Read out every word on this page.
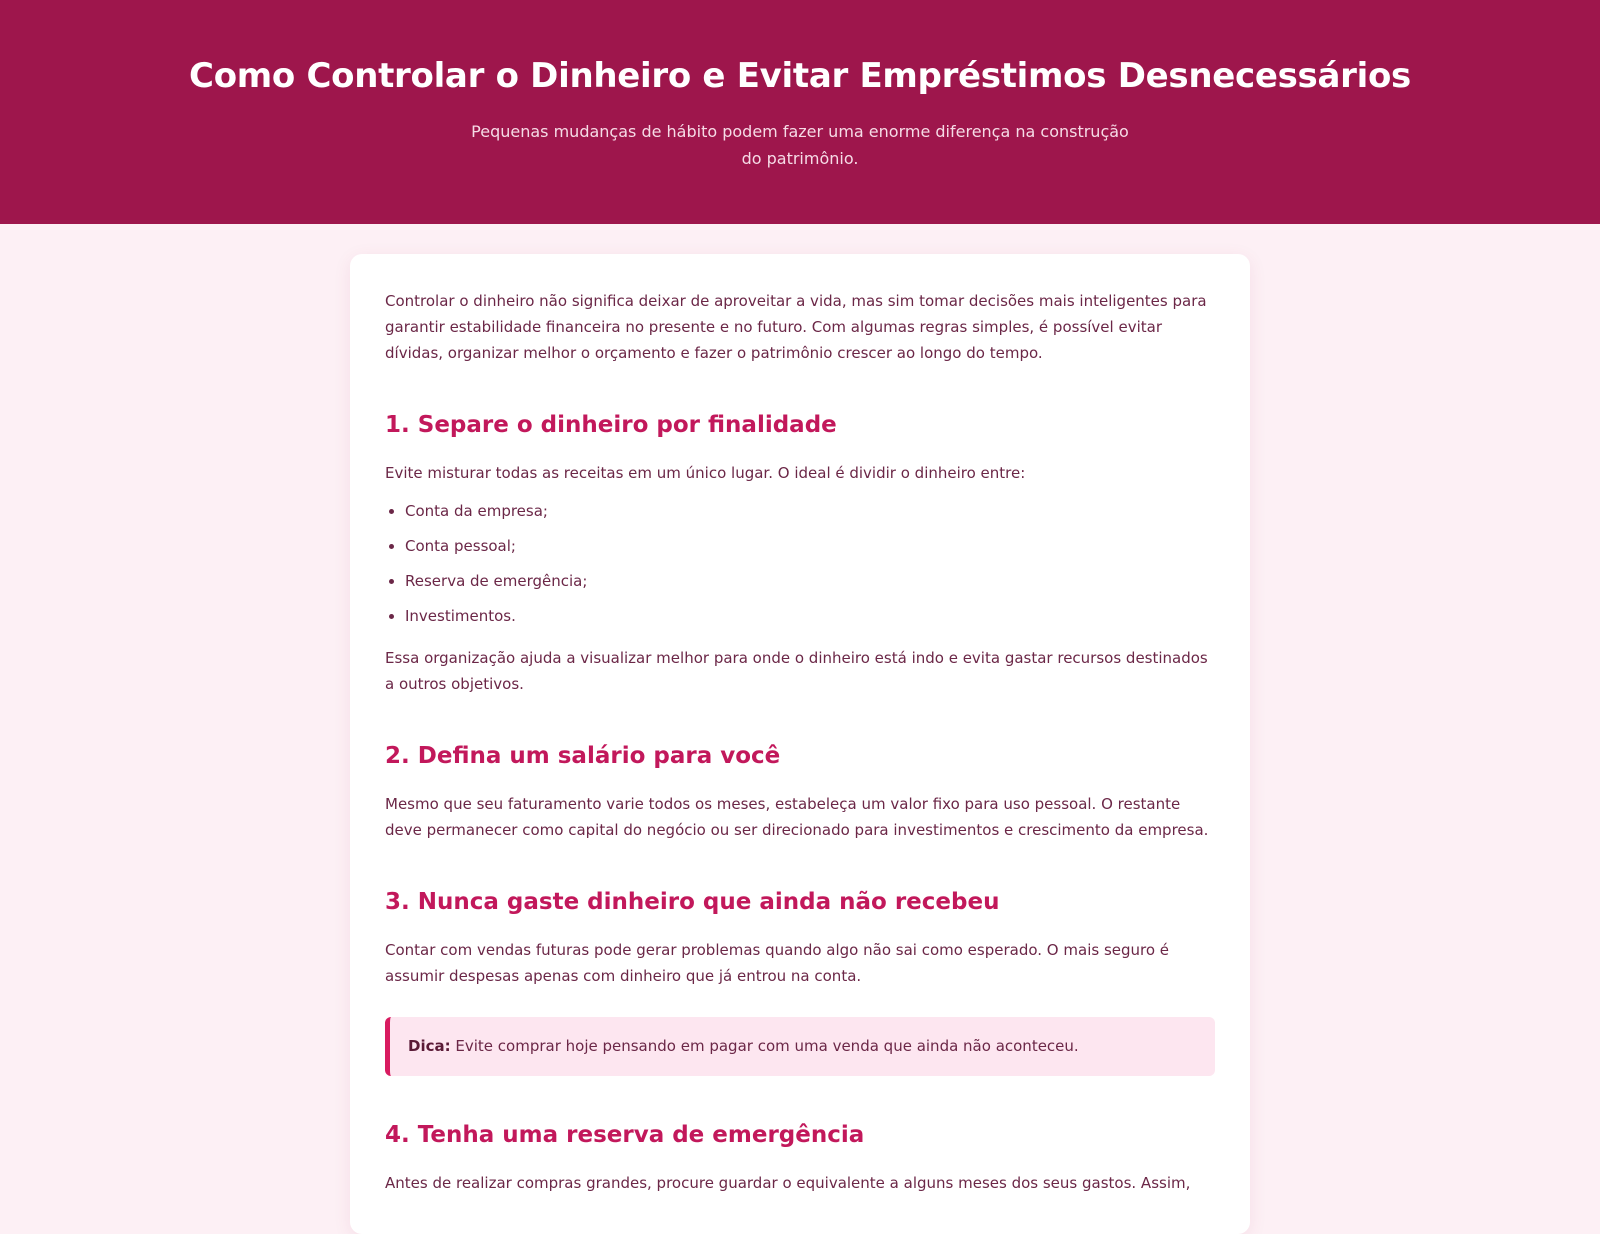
Como Controlar o Dinheiro e Evitar Empréstimos Desnecessários

Pequenas mudanças de hábito podem fazer uma enorme diferença na construção do patrimônio.

Controlar o dinheiro não significa deixar de aproveitar a vida, mas sim tomar decisões mais inteligentes para garantir estabilidade financeira no presente e no futuro. Com algumas regras simples, é possível evitar dívidas, organizar melhor o orçamento e fazer o patrimônio crescer ao longo do tempo.

1. Separe o dinheiro por finalidade

Evite misturar todas as receitas em um único lugar. O ideal é dividir o dinheiro entre:

• Conta da empresa;
• Conta pessoal;
• Reserva de emergência;
• Investimentos.

Essa organização ajuda a visualizar melhor para onde o dinheiro está indo e evita gastar recursos destinados a outros objetivos.

2. Defina um salário para você

Mesmo que seu faturamento varie todos os meses, estabeleça um valor fixo para uso pessoal. O restante deve permanecer como capital do negócio ou ser direcionado para investimentos e crescimento da empresa.

3. Nunca gaste dinheiro que ainda não recebeu

Contar com vendas futuras pode gerar problemas quando algo não sai como esperado. O mais seguro é assumir despesas apenas com dinheiro que já entrou na conta.

Dica: Evite comprar hoje pensando em pagar com uma venda que ainda não aconteceu.
4. Tenha uma reserva de emergência

Antes de realizar compras grandes, procure guardar o equivalente a alguns meses dos seus gastos. Assim,
